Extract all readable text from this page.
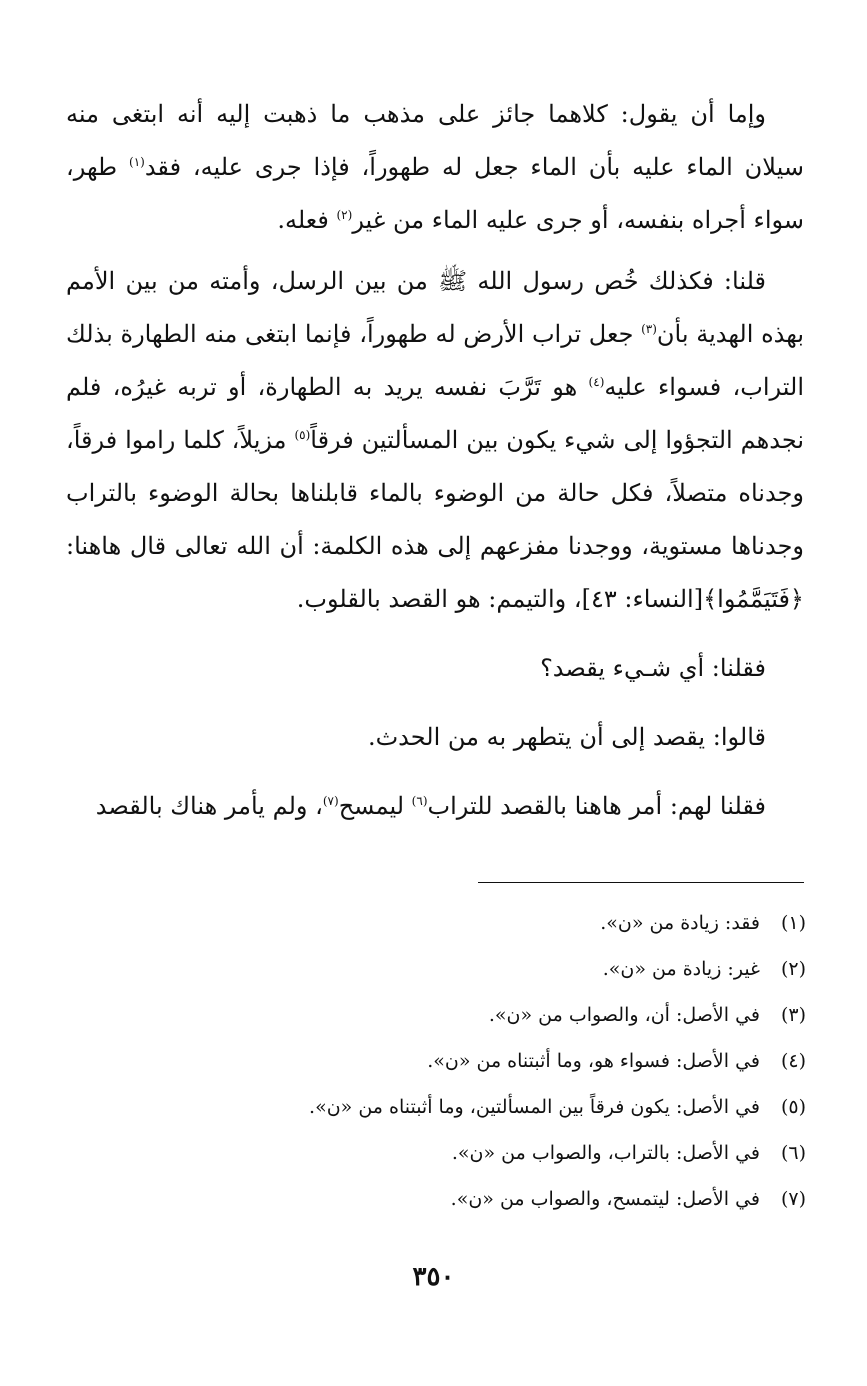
وإما أن يقول: كلاهما جائز على مذهب ما ذهبت إليه أنه ابتغى منه سيلان الماء عليه بأن الماء جعل له طهوراً، فإذا جرى عليه، فقد$^{(١)}$ طهر، سواء أجراه بنفسه، أو جرى عليه الماء من غير$^{(٢)}$ فعله.

قلنا: فكذلك خُص رسول الله ﷺ من بين الرسل، وأمته من بين الأمم بهذه الهدية بأن$^{(٣)}$ جعل تراب الأرض له طهوراً، فإنما ابتغى منه الطهارة بذلك التراب، فسواء عليه$^{(٤)}$ هو تَرَّبَ نفسه يريد به الطهارة، أو تربه غيرُه، فلم نجدهم التجؤوا إلى شيء يكون بين المسألتين فرقاً$^{(٥)}$ مزيلاً، كلما راموا فرقاً، وجدناه متصلاً، فكل حالة من الوضوء بالماء قابلناها بحالة الوضوء بالتراب وجدناها مستوية، ووجدنا مفزعهم إلى هذه الكلمة: أن الله تعالى قال هاهنا: ﴿فَتَيَمَّمُوا﴾[النساء: ٤٣]، والتيمم: هو القصد بالقلوب.

فقلنا: أي شـيء يقصد؟

قالوا: يقصد إلى أن يتطهر به من الحدث.

فقلنا لهم: أمر هاهنا بالقصد للتراب$^{(٦)}$ ليمسح$^{(٧)}$، ولم يأمر هناك بالقصد

(١)فقد: زيادة من «ن».
(٢)غير: زيادة من «ن».
(٣)في الأصل: أن، والصواب من «ن».
(٤)في الأصل: فسواء هو، وما أثبتناه من «ن».
(٥)في الأصل: يكون فرقاً بين المسألتين، وما أثبتناه من «ن».
(٦)في الأصل: بالتراب، والصواب من «ن».
(٧)في الأصل: ليتمسح، والصواب من «ن».
٣٥٠
